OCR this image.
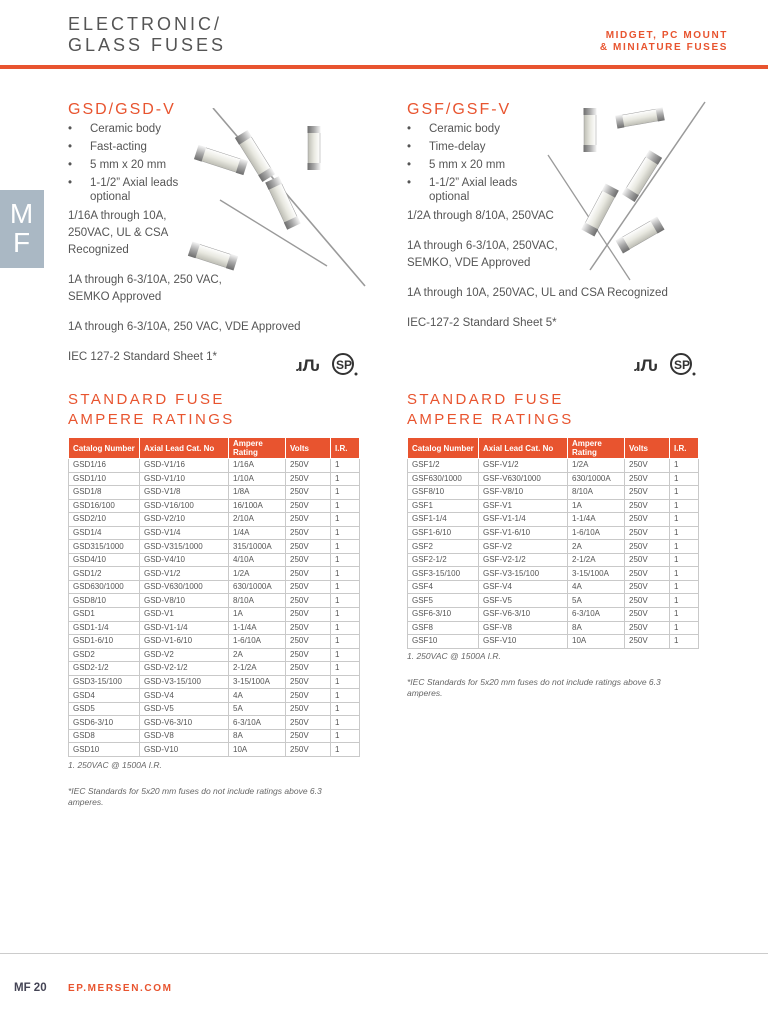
ELECTRONIC/
GLASS FUSES	MIDGET, PC MOUNT
& MINIATURE FUSES
M
F
GSD/GSD-V
• Ceramic body
• Fast-acting
• 5 mm x 20 mm
• 1-1/2” Axial leads optional
1/16A through 10A, 250VAC, UL & CSA Recognized
1A through 6-3/10A, 250 VAC, SEMKO Approved
1A through 6-3/10A, 250 VAC, VDE Approved
IEC 127-2 Standard Sheet 1*
GSF/GSF-V
• Ceramic body
• Time-delay
• 5 mm x 20 mm
• 1-1/2” Axial leads optional
1/2A through 8/10A, 250VAC
1A through 6-3/10A, 250VAC, SEMKO, VDE Approved
1A through 10A, 250VAC, UL and CSA Recognized
IEC-127-2 Standard Sheet 5*
ɹԈ SP	ɹԈ SP
STANDARD FUSE
AMPERE RATINGS
STANDARD FUSE
AMPERE RATINGS
Catalog Number	Axial Lead Cat. No	Ampere Rating	Volts	I.R.
GSD1/16	GSD-V1/16	1/16A	250V	1
GSD1/10	GSD-V1/10	1/10A	250V	1
GSD1/8	GSD-V1/8	1/8A	250V	1
GSD16/100	GSD-V16/100	16/100A	250V	1
GSD2/10	GSD-V2/10	2/10A	250V	1
GSD1/4	GSD-V1/4	1/4A	250V	1
GSD315/1000	GSD-V315/1000	315/1000A	250V	1
GSD4/10	GSD-V4/10	4/10A	250V	1
GSD1/2	GSD-V1/2	1/2A	250V	1
GSD630/1000	GSD-V630/1000	630/1000A	250V	1
GSD8/10	GSD-V8/10	8/10A	250V	1
GSD1	GSD-V1	1A	250V	1
GSD1-1/4	GSD-V1-1/4	1-1/4A	250V	1
GSD1-6/10	GSD-V1-6/10	1-6/10A	250V	1
GSD2	GSD-V2	2A	250V	1
GSD2-1/2	GSD-V2-1/2	2-1/2A	250V	1
GSD3-15/100	GSD-V3-15/100	3-15/100A	250V	1
GSD4	GSD-V4	4A	250V	1
GSD5	GSD-V5	5A	250V	1
GSD6-3/10	GSD-V6-3/10	6-3/10A	250V	1
GSD8	GSD-V8	8A	250V	1
GSD10	GSD-V10	10A	250V	1
Catalog Number	Axial Lead Cat. No	Ampere Rating	Volts	I.R.
GSF1/2	GSF-V1/2	1/2A	250V	1
GSF630/1000	GSF-V630/1000	630/1000A	250V	1
GSF8/10	GSF-V8/10	8/10A	250V	1
GSF1	GSF-V1	1A	250V	1
GSF1-1/4	GSF-V1-1/4	1-1/4A	250V	1
GSF1-6/10	GSF-V1-6/10	1-6/10A	250V	1
GSF2	GSF-V2	2A	250V	1
GSF2-1/2	GSF-V2-1/2	2-1/2A	250V	1
GSF3-15/100	GSF-V3-15/100	3-15/100A	250V	1
GSF4	GSF-V4	4A	250V	1
GSF5	GSF-V5	5A	250V	1
GSF6-3/10	GSF-V6-3/10	6-3/10A	250V	1
GSF8	GSF-V8	8A	250V	1
GSF10	GSF-V10	10A	250V	1
1. 250VAC @ 1500A I.R.
*IEC Standards for 5x20 mm fuses do not include ratings above 6.3 amperes.
1. 250VAC @ 1500A I.R.
*IEC Standards for 5x20 mm fuses do not include ratings above 6.3 amperes.
MF 20 EP.MERSEN.COM
